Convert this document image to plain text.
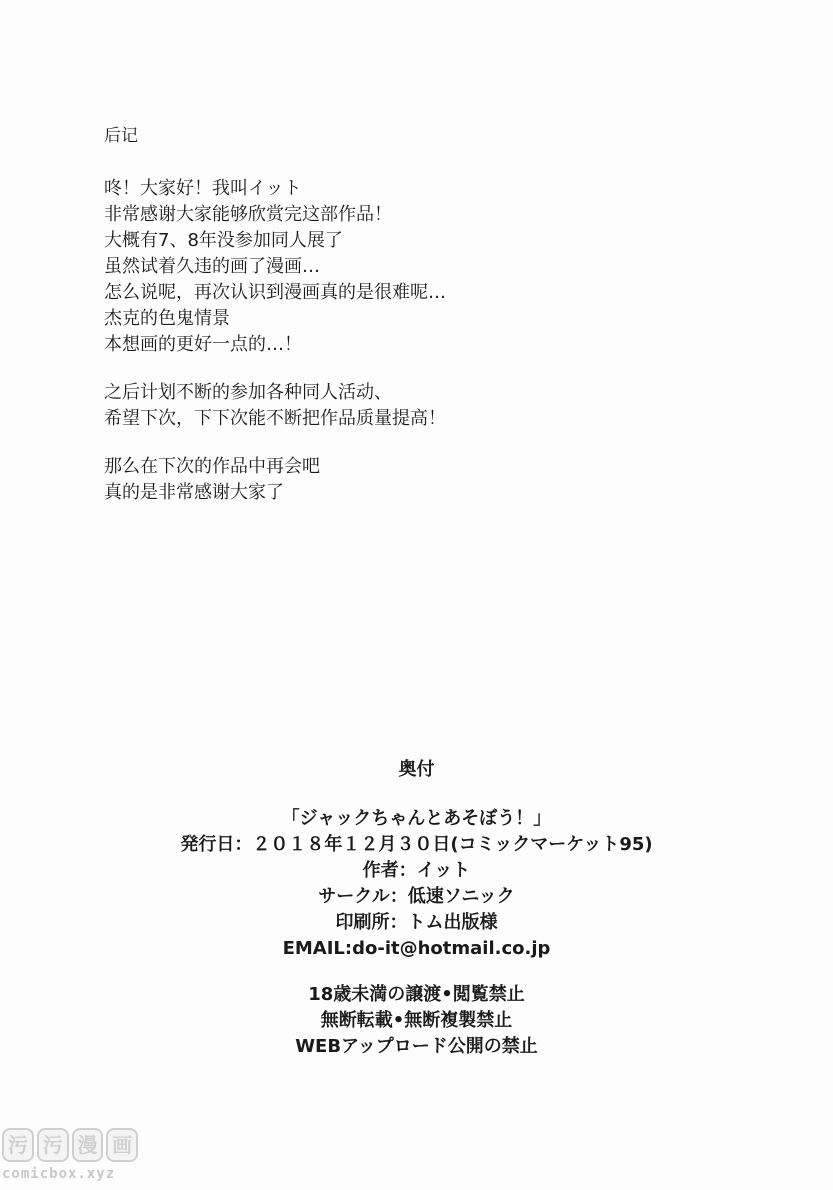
后记
咚！大家好！我叫イット
非常感谢大家能够欣赏完这部作品！
大概有7、8年没参加同人展了
虽然试着久违的画了漫画…
怎么说呢，再次认识到漫画真的是很难呢…
杰克的色鬼情景
本想画的更好一点的…！
之后计划不断的参加各种同人活动、
希望下次，下下次能不断把作品质量提高！
那么在下次的作品中再会吧
真的是非常感谢大家了
奥付
「ジャックちゃんとあそぼう！」
発行日：２０１８年１２月３０日(コミックマーケット95)
作者：イット
サークル：低速ソニック
印刷所：トム出版様
EMAIL:do-it@hotmail.co.jp
18歳未満の譲渡•閲覧禁止
無断転載•無断複製禁止
WEBアップロード公開の禁止
污 污 漫 画
comicbox.xyz
